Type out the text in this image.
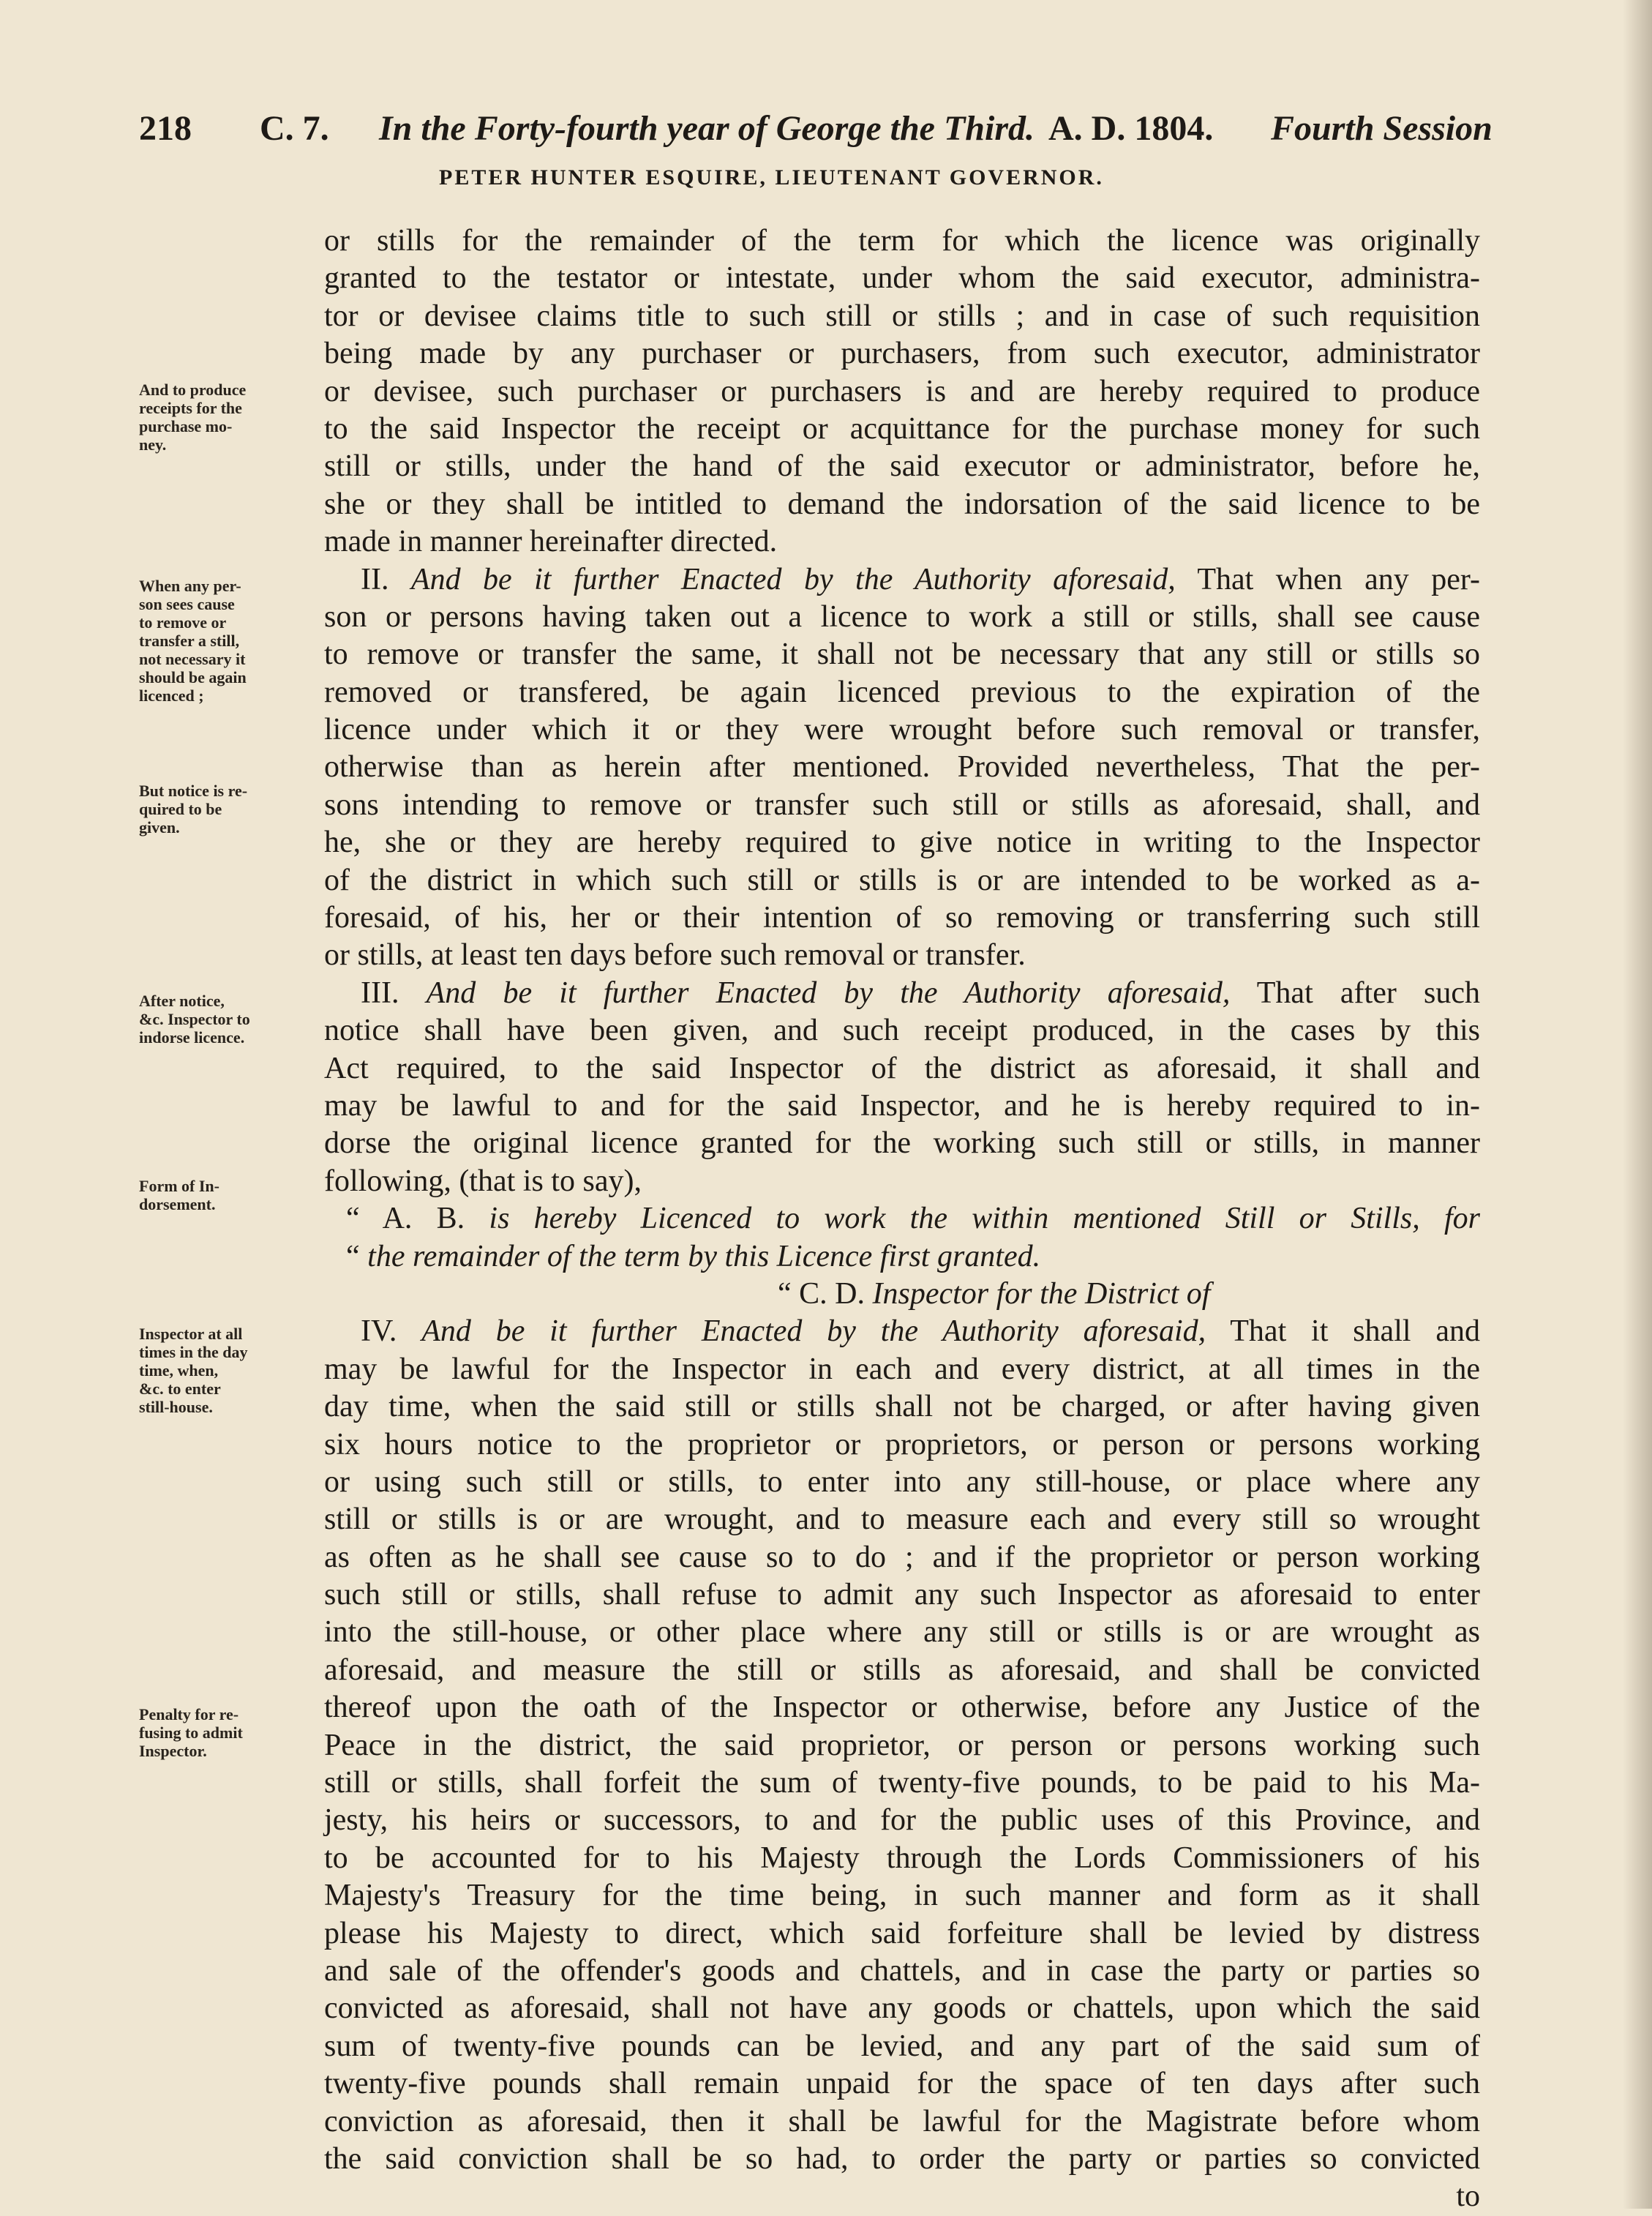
218 C. 7. In the Forty-fourth year of George the Third. A. D. 1804. Fourth Session
PETER HUNTER ESQUIRE, LIEUTENANT GOVERNOR.
And to produce
receipts for the
purchase mo-
ney.
When any per-
son sees cause
to remove or
transfer a still,
not necessary it
should be again
licenced ;
But notice is re-
quired to be
given.
After notice,
&c. Inspector to
indorse licence.
Form of In-
dorsement.
Inspector at all
times in the day
time, when,
&c. to enter
still-house.
Penalty for re-
fusing to admit
Inspector.
or stills for the remainder of the term for which the licence was originally
granted to the testator or intestate, under whom the said executor, administra-
tor or devisee claims title to such still or stills ; and in case of such requisition
being made by any purchaser or purchasers, from such executor, administrator
or devisee, such purchaser or purchasers is and are hereby required to produce
to the said Inspector the receipt or acquittance for the purchase money for such
still or stills, under the hand of the said executor or administrator, before he,
she or they shall be intitled to demand the indorsation of the said licence to be
made in manner hereinafter directed.
II. And be it further Enacted by the Authority aforesaid, That when any per-
son or persons having taken out a licence to work a still or stills, shall see cause
to remove or transfer the same, it shall not be necessary that any still or stills so
removed or transfered, be again licenced previous to the expiration of the
licence under which it or they were wrought before such removal or transfer,
otherwise than as herein after mentioned. Provided nevertheless, That the per-
sons intending to remove or transfer such still or stills as aforesaid, shall, and
he, she or they are hereby required to give notice in writing to the Inspector
of the district in which such still or stills is or are intended to be worked as a-
foresaid, of his, her or their intention of so removing or transferring such still
or stills, at least ten days before such removal or transfer.
III. And be it further Enacted by the Authority aforesaid, That after such
notice shall have been given, and such receipt produced, in the cases by this
Act required, to the said Inspector of the district as aforesaid, it shall and
may be lawful to and for the said Inspector, and he is hereby required to in-
dorse the original licence granted for the working such still or stills, in manner
following, (that is to say),
“ A. B. is hereby Licenced to work the within mentioned Still or Stills, for
“ the remainder of the term by this Licence first granted.
“ C. D. Inspector for the District of
IV. And be it further Enacted by the Authority aforesaid, That it shall and
may be lawful for the Inspector in each and every district, at all times in the
day time, when the said still or stills shall not be charged, or after having given
six hours notice to the proprietor or proprietors, or person or persons working
or using such still or stills, to enter into any still-house, or place where any
still or stills is or are wrought, and to measure each and every still so wrought
as often as he shall see cause so to do ; and if the proprietor or person working
such still or stills, shall refuse to admit any such Inspector as aforesaid to enter
into the still-house, or other place where any still or stills is or are wrought as
aforesaid, and measure the still or stills as aforesaid, and shall be convicted
thereof upon the oath of the Inspector or otherwise, before any Justice of the
Peace in the district, the said proprietor, or person or persons working such
still or stills, shall forfeit the sum of twenty-five pounds, to be paid to his Ma-
jesty, his heirs or successors, to and for the public uses of this Province, and
to be accounted for to his Majesty through the Lords Commissioners of his
Majesty's Treasury for the time being, in such manner and form as it shall
please his Majesty to direct, which said forfeiture shall be levied by distress
and sale of the offender's goods and chattels, and in case the party or parties so
convicted as aforesaid, shall not have any goods or chattels, upon which the said
sum of twenty-five pounds can be levied, and any part of the said sum of
twenty-five pounds shall remain unpaid for the space of ten days after such
conviction as aforesaid, then it shall be lawful for the Magistrate before whom
the said conviction shall be so had, to order the party or parties so convicted
to
